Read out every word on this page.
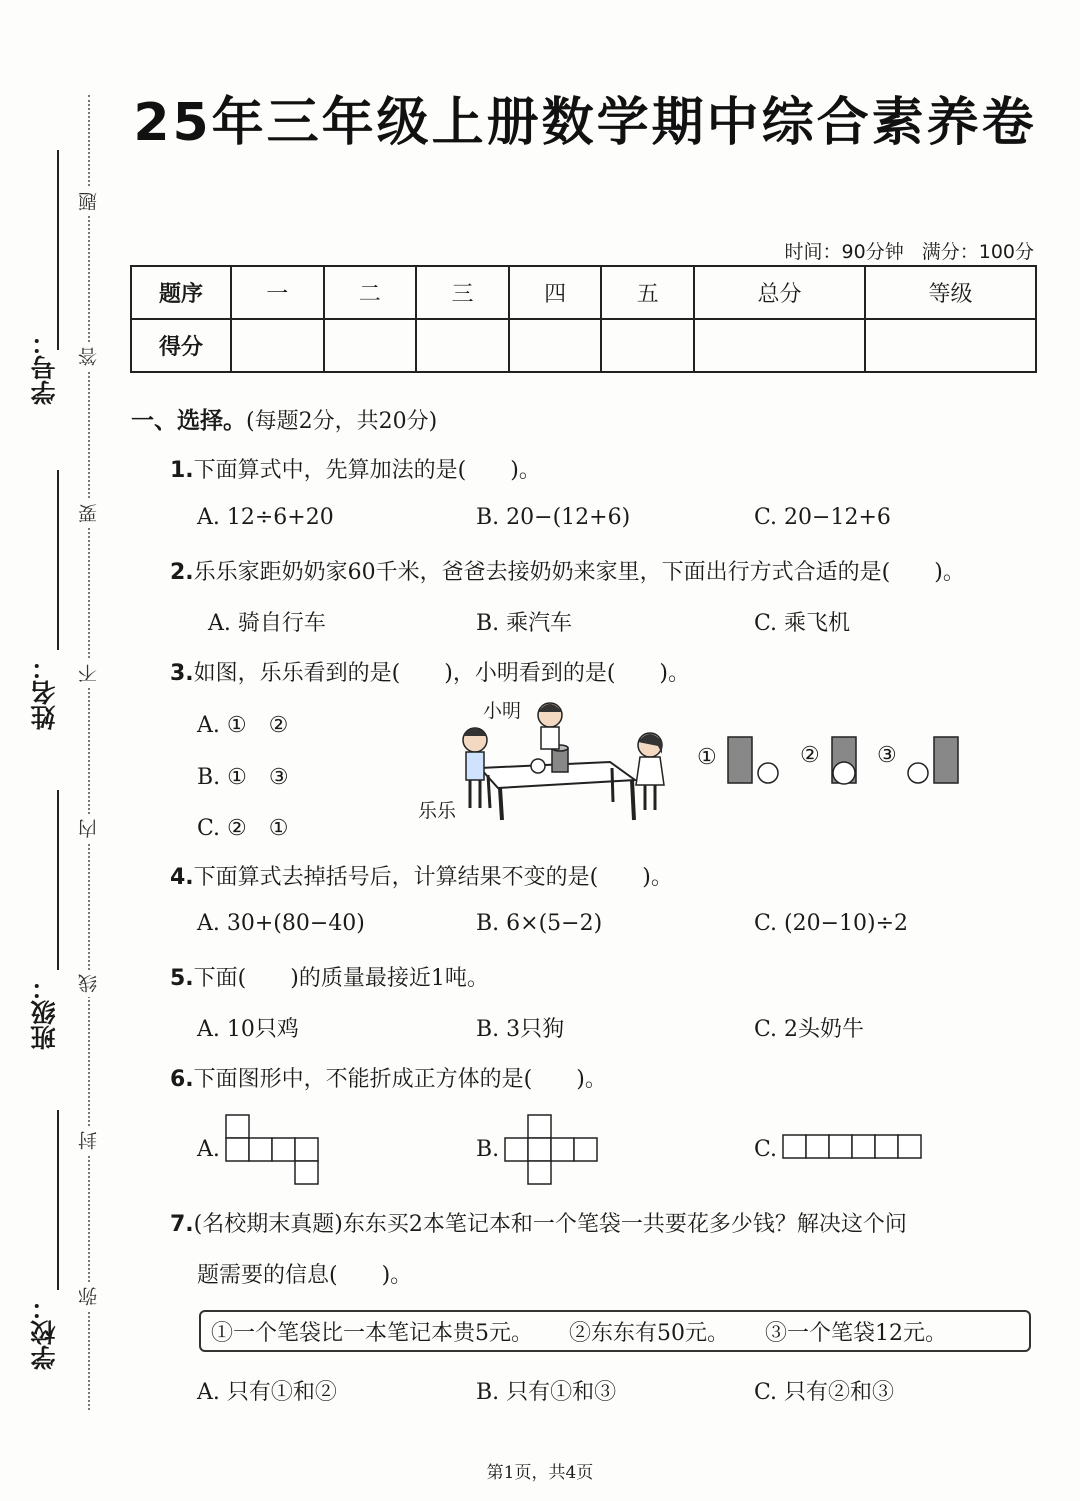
学号：
姓名：
班级：
学校：
题
答
要
不
内
线
封
弥
25年三年级上册数学期中综合素养卷
时间：90分钟 满分：100分
题序	一	二	三	四	五	总分	等级
得分							
一、选择。(每题2分，共20分)
1.下面算式中，先算加法的是(　　)。
A. 12÷6+20	B. 20−(12+6)	C. 20−12+6
2.乐乐家距奶奶家60千米，爸爸去接奶奶来家里，下面出行方式合适的是(　　)。
A. 骑自行车	B. 乘汽车	C. 乘飞机
3.如图，乐乐看到的是(　　)，小明看到的是(　　)。
A. ①　②
B. ①　③
C. ②　①
小明
乐乐
①	②	③
4.下面算式去掉括号后，计算结果不变的是(　　)。
A. 30+(80−40)	B. 6×(5−2)	C. (20−10)÷2
5.下面(　　)的质量最接近1吨。
A. 10只鸡	B. 3只狗	C. 2头奶牛
6.下面图形中，不能折成正方体的是(　　)。
A.	B.	C.
7.(名校期末真题)东东买2本笔记本和一个笔袋一共要花多少钱？解决这个问
题需要的信息(　　)。
①一个笔袋比一本笔记本贵5元。 ②东东有50元。 ③一个笔袋12元。
A. 只有①和②	B. 只有①和③	C. 只有②和③
第1页，共4页
